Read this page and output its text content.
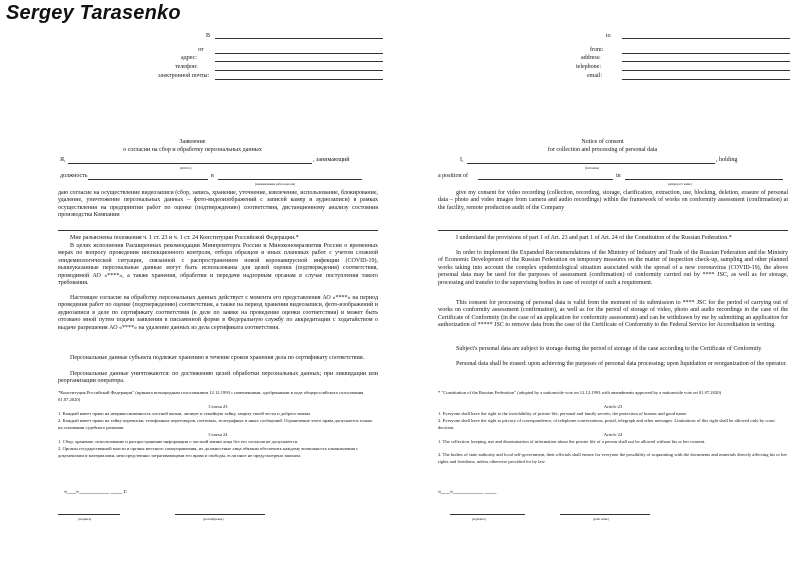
Sergey Tarasenko
В
от
адрес:
телефон:
электронной почты:
Заявление
о согласии на сбор и обработку персональных данных
Я,	, занимающий
(Ф.И.О.)
должность	в
(наименование работодателя)
даю согласие на осуществление видеозаписи (сбор, запись, хранение, уточнение, извлечение, использование, блокирование, удаление, уничтожение персональных данных – фото-видеоизображений с записей камер и аудиозаписи) в рамках осуществления на предприятии работ по оценке (подтверждению) соответствия, дистанционному анализу состояния производства Компании
Мне разъяснены положения ч. 1 ст. 23 и ч. 1 ст. 24 Конституции Российской Федерации.*
В целях исполнения Расширенных рекомендации Минпромторга России и Минэкономразвития России о временных мерах по вопросу проведения инспекционного контроля, отбора образцов и иных плановых работ с учетом сложной эпидемиологической ситуации, связанной с распространением новой коронавирусной инфекции (COVID-19), вышеуказанные персональные данные могут быть использованы для целей оценки (подтверждения) соответствия, проводимой АО «****», а также хранения, обработки и передачи надзорным органам в случае поступления такого требования.
Настоящее согласие на обработку персональных данных действует с момента его представления АО «****» на период проведения работ по оценке (подтверждению) соответствия, а также на период хранения видеозаписи, фото-изображений и аудиозаписи в деле по сертификату соответствия (в деле по заявке на проведение оценки соответствия) и может быть отозвано мной путем подачи заявления в письменной форме в Федеральную службу по аккредитации с ходатайством о выдаче разрешения АО «****» на удаление данных из дела сертификата соответствия.
Персональные данные субъекта подлежат хранению в течение сроков хранения дела по сертификату соответствия.
Персональные данные уничтожаются: по достижению целей обработки персональных данных; при ликвидации или реорганизации оператора.
*Конституция Российской Федерации" (принята всенародным голосованием 12.12.1993 с изменениями, одобренными в ходе общероссийского голосования 01.07.2020)
Статья 23
1. Каждый имеет право на неприкосновенность частной жизни, личную и семейную тайну, защиту своей чести и доброго имени.
2. Каждый имеет право на тайну переписки, телефонных переговоров, почтовых, телеграфных и иных сообщений. Ограничение этого права допускается только на основании судебного решения.
Статья 24
1. Сбор, хранение, использование и распространение информации о частной жизни лица без его согласия не допускаются.
2. Органы государственной власти и органы местного самоуправления, их должностные лица обязаны обеспечить каждому возможность ознакомления с документами и материалами, непосредственно затрагивающими его права и свободы, если иное не предусмотрено законом.
«___»__________ ____ г.
(подпись)	(расшифровка)
to
from:
address:
telephone:
email:
Notice of consent
for collection and processing of personal data
I,	, holding
(full name)
a position of	in
(employer's name)
give my consent for video recording (collection, recording, storage, clarification, extraction, use, blocking, deletion, erasure of personal data – photo and video images from camera and audio recordings) within the framework of works on conformity assessment (confirmation) at the facility, remote production audit of the Company
I understand the provisions of part 1 of Art. 23 and part 1 of Art. 24 of the Constitution of the Russian Federation.*
In order to implement the Expanded Recommendations of the Ministry of Industry and Trade of the Russian Federation and the Ministry of Economic Development of the Russian Federation on temporary measures on the matter of inspection check-up, sampling and other planned works taking into account the complex epidemiological situation associated with the spread of a new coronavirus (COVID-19), the above personal data may be used for the purposes of assessment (confirmation) of conformity carried out by **** JSC, as well as for storage, processing and transfer to the supervising bodies in case of receipt of such a requirement.
This consent for processing of personal data is valid from the moment of its submission to **** JSC for the period of carrying out of works on conformity assessment (confirmation), as well as for the period of storage of video, photo and audio recordings in the case of the Certificate of Conformity (in the case of an application for conformity assessment) and can be withdrawn by me by submitting an application for authorization of ***** JSC to remove data from the case of the Certificate of Conformity to the Federal Service for Accreditation in writing.
Subject's personal data are subject to storage during the period of storage of the case according to the Certificate of Conformity.
Personal data shall be erased: upon achieving the purposes of personal data processing; upon liquidation or reorganization of the operator.
* "Constitution of the Russian Federation" (adopted by a nationwide vote on 12.12.1993 with amendments approved by a nationwide vote on 01.07.2020)
Article 23
1. Everyone shall have the right to the inviolability of private life, personal and family secrets, the protection of honour and good name.
2. Everyone shall have the right to privacy of correspondence, of telephone conversations, postal, telegraph and other messages. Limitations of this right shall be allowed only by court decision.
Article 24
1. The collection, keeping, use and dissemination of information about the private life of a person shall not be allowed without his or her consent.
2. The bodies of state authority and local self-government, their officials shall ensure for everyone the possibility of acquainting with the documents and materials directly affecting his or her rights and freedoms, unless otherwise provided for by law.
«___»__________ ____
(signature)	(print name)
